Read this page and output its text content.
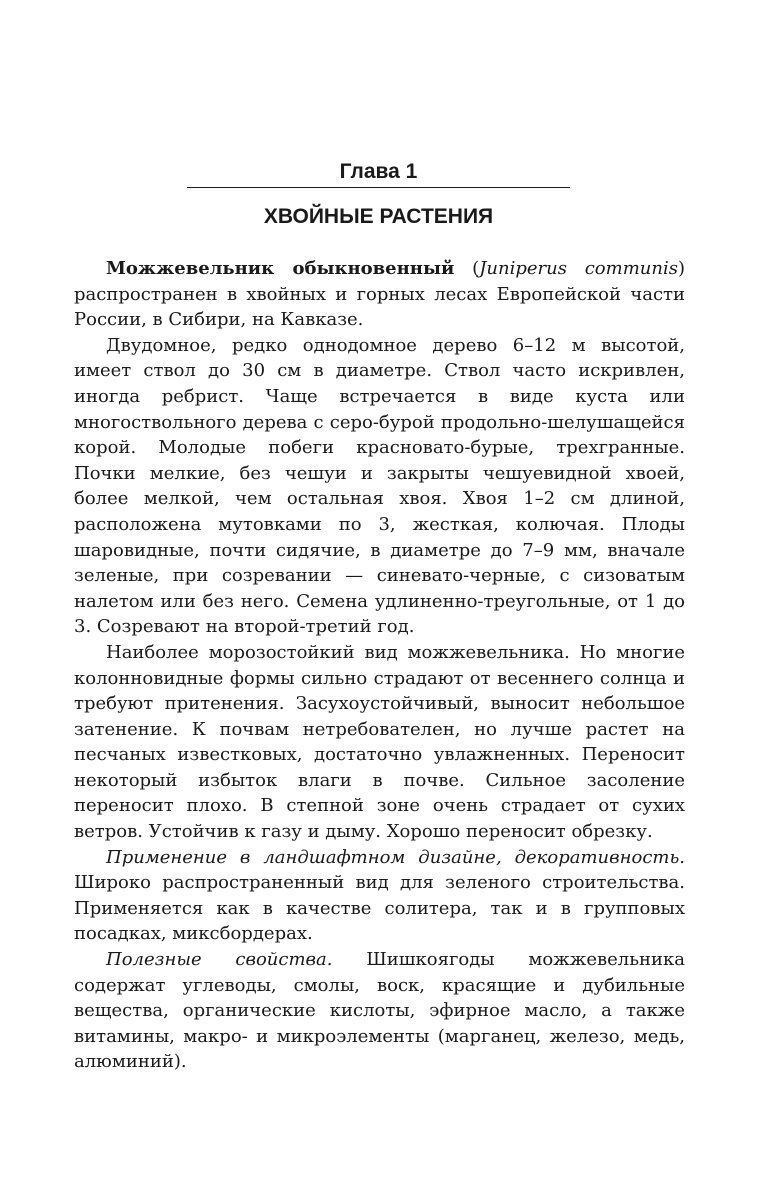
Глава 1
ХВОЙНЫЕ РАСТЕНИЯ

Можжевельник обыкновенный (Juniperus communis) распространен в хвойных и горных лесах Европейской части России, в Сибири, на Кавказе.

Двудомное, редко однодомное дерево 6–12 м высотой, имеет ствол до 30 см в диаметре. Ствол часто искривлен, иногда ребрист. Чаще встречается в виде куста или многоствольного дерева с серо-бурой продольно-шелушащейся корой. Молодые побеги красновато-бурые, трехгранные. Почки мелкие, без чешуи и закрыты чешуевидной хвоей, более мелкой, чем остальная хвоя. Хвоя 1–2 см длиной, расположена мутовками по 3, жесткая, колючая. Плоды шаровидные, почти сидячие, в диаметре до 7–9 мм, вначале зеленые, при созревании — синевато-черные, с сизоватым налетом или без него. Семена удлиненно-треугольные, от 1 до 3. Созревают на второй-третий год.

Наиболее морозостойкий вид можжевельника. Но многие колонновидные формы сильно страдают от весеннего солнца и требуют притенения. Засухоустойчивый, выносит небольшое затенение. К почвам нетребователен, но лучше растет на песчаных известковых, достаточно увлажненных. Переносит некоторый избыток влаги в почве. Сильное засоление переносит плохо. В степной зоне очень страдает от сухих ветров. Устойчив к газу и дыму. Хорошо переносит обрезку.

Применение в ландшафтном дизайне, декоративность. Широко распространенный вид для зеленого строительства. Применяется как в качестве солитера, так и в групповых посадках, миксбордерах.

Полезные свойства. Шишкоягоды можжевельника содержат углеводы, смолы, воск, красящие и дубильные вещества, органические кислоты, эфирное масло, а также витамины, макро- и микроэлементы (марганец, железо, медь, алюминий).
